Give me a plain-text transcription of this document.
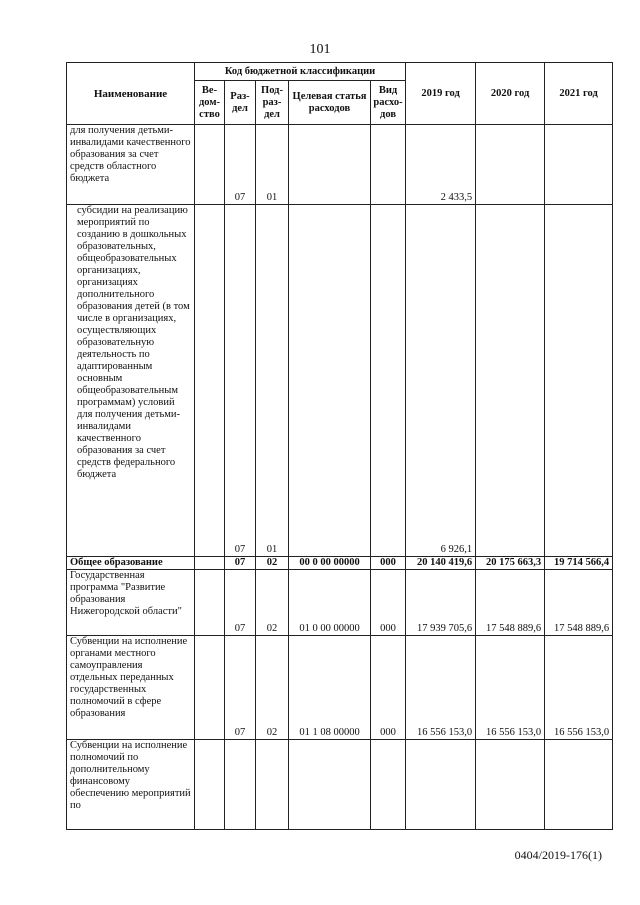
101
Наименование	Код бюджетной классификации					2019 год	2020 год	2021 год
	Ве-дом-ство	Раз-дел	Под-раз-дел	Целевая статья расходов	Вид расхо-дов			
для получения детьми-инвалидами качественного образования за счет средств областного бюджета		07	01			2 433,5		
субсидии на реализацию мероприятий по созданию в дошкольных образовательных, общеобразовательных организациях, организациях дополнительного образования детей (в том числе в организациях, осуществляющих образовательную деятельность по адаптированным основным общеобразовательным программам) условий для получения детьми-инвалидами качественного образования за счет средств федерального бюджета		07	01			6 926,1		
Общее образование		07	02	00 0 00 00000	000	20 140 419,6	20 175 663,3	19 714 566,4
Государственная программа "Развитие образования Нижегородской области"		07	02	01 0 00 00000	000	17 939 705,6	17 548 889,6	17 548 889,6
Субвенции на исполнение органами местного самоуправления отдельных переданных государственных полномочий в сфере образования		07	02	01 1 08 00000	000	16 556 153,0	16 556 153,0	16 556 153,0
Субвенции на исполнение полномочий по дополнительному финансовому обеспечению мероприятий по								
0404/2019-176(1)
